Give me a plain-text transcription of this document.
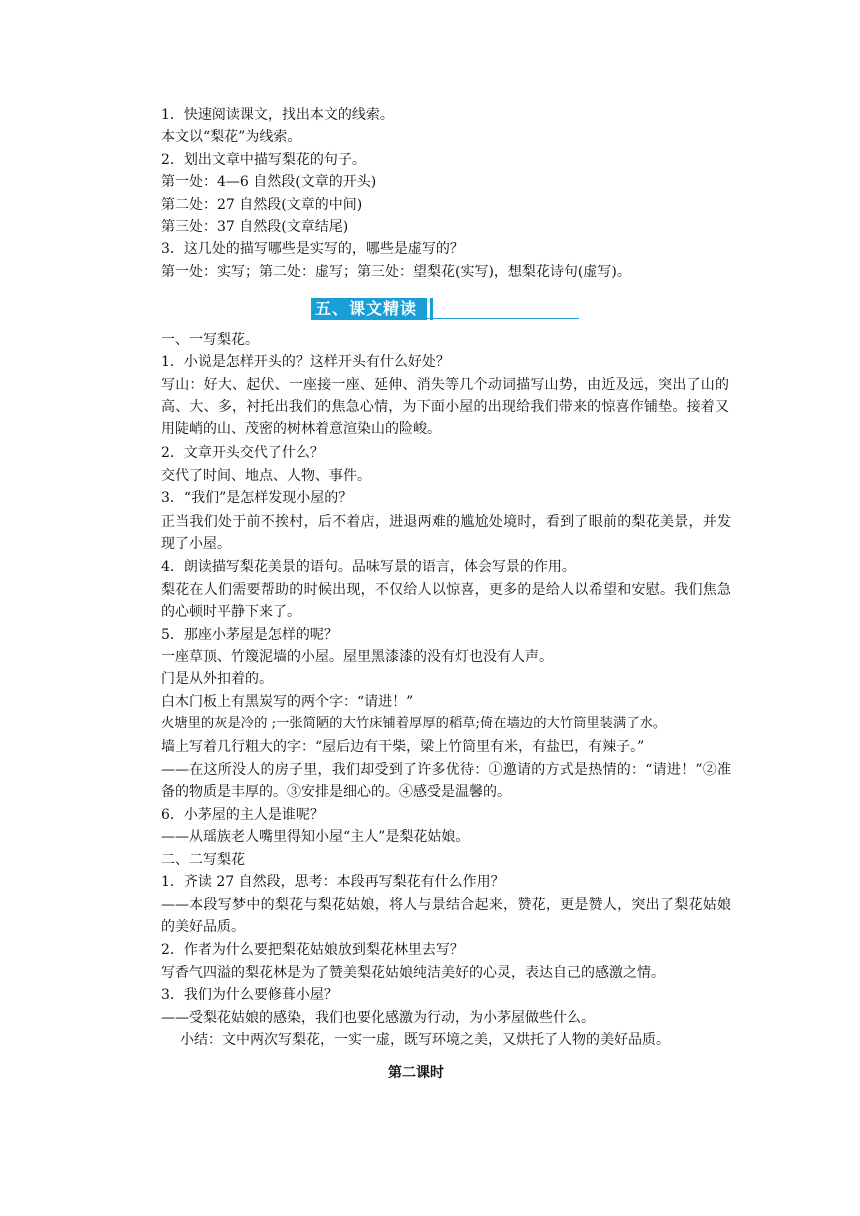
1．快速阅读课文，找出本文的线索。
本文以“梨花”为线索。
2．划出文章中描写梨花的句子。
第一处：4—6 自然段(文章的开头)
第二处：27 自然段(文章的中间)
第三处：37 自然段(文章结尾)
3．这几处的描写哪些是实写的，哪些是虚写的？
第一处：实写；第二处：虚写；第三处：望梨花(实写)，想梨花诗句(虚写)。
五、课文精读
一、一写梨花。
1．小说是怎样开头的？这样开头有什么好处？
写山：好大、起伏、一座接一座、延伸、消失等几个动词描写山势，由近及远，突出了山的高、大、多，衬托出我们的焦急心情，为下面小屋的出现给我们带来的惊喜作铺垫。接着又用陡峭的山、茂密的树林着意渲染山的险峻。
2．文章开头交代了什么？
交代了时间、地点、人物、事件。
3．“我们”是怎样发现小屋的？
正当我们处于前不挨村，后不着店，进退两难的尴尬处境时，看到了眼前的梨花美景，并发现了小屋。
4．朗读描写梨花美景的语句。品味写景的语言，体会写景的作用。
梨花在人们需要帮助的时候出现，不仅给人以惊喜，更多的是给人以希望和安慰。我们焦急的心顿时平静下来了。
5．那座小茅屋是怎样的呢？
一座草顶、竹篾泥墙的小屋。屋里黑漆漆的没有灯也没有人声。
门是从外扣着的。
白木门板上有黑炭写的两个字：“请进！”
火塘里的灰是冷的 ;一张简陋的大竹床铺着厚厚的稻草;倚在墙边的大竹筒里装满了水。
墙上写着几行粗大的字：“屋后边有干柴，梁上竹筒里有米，有盐巴，有辣子。”
——在这所没人的房子里，我们却受到了许多优待：①邀请的方式是热情的：“请进！”②准备的物质是丰厚的。③安排是细心的。④感受是温馨的。
6．小茅屋的主人是谁呢？
——从瑶族老人嘴里得知小屋“主人”是梨花姑娘。
二、二写梨花
1．齐读 27 自然段，思考：本段再写梨花有什么作用？
——本段写梦中的梨花与梨花姑娘，将人与景结合起来，赞花，更是赞人，突出了梨花姑娘的美好品质。
2．作者为什么要把梨花姑娘放到梨花林里去写？
写香气四溢的梨花林是为了赞美梨花姑娘纯洁美好的心灵，表达自己的感激之情。
3．我们为什么要修葺小屋？
——受梨花姑娘的感染，我们也要化感激为行动，为小茅屋做些什么。
小结：文中两次写梨花，一实一虚，既写环境之美，又烘托了人物的美好品质。
第二课时
